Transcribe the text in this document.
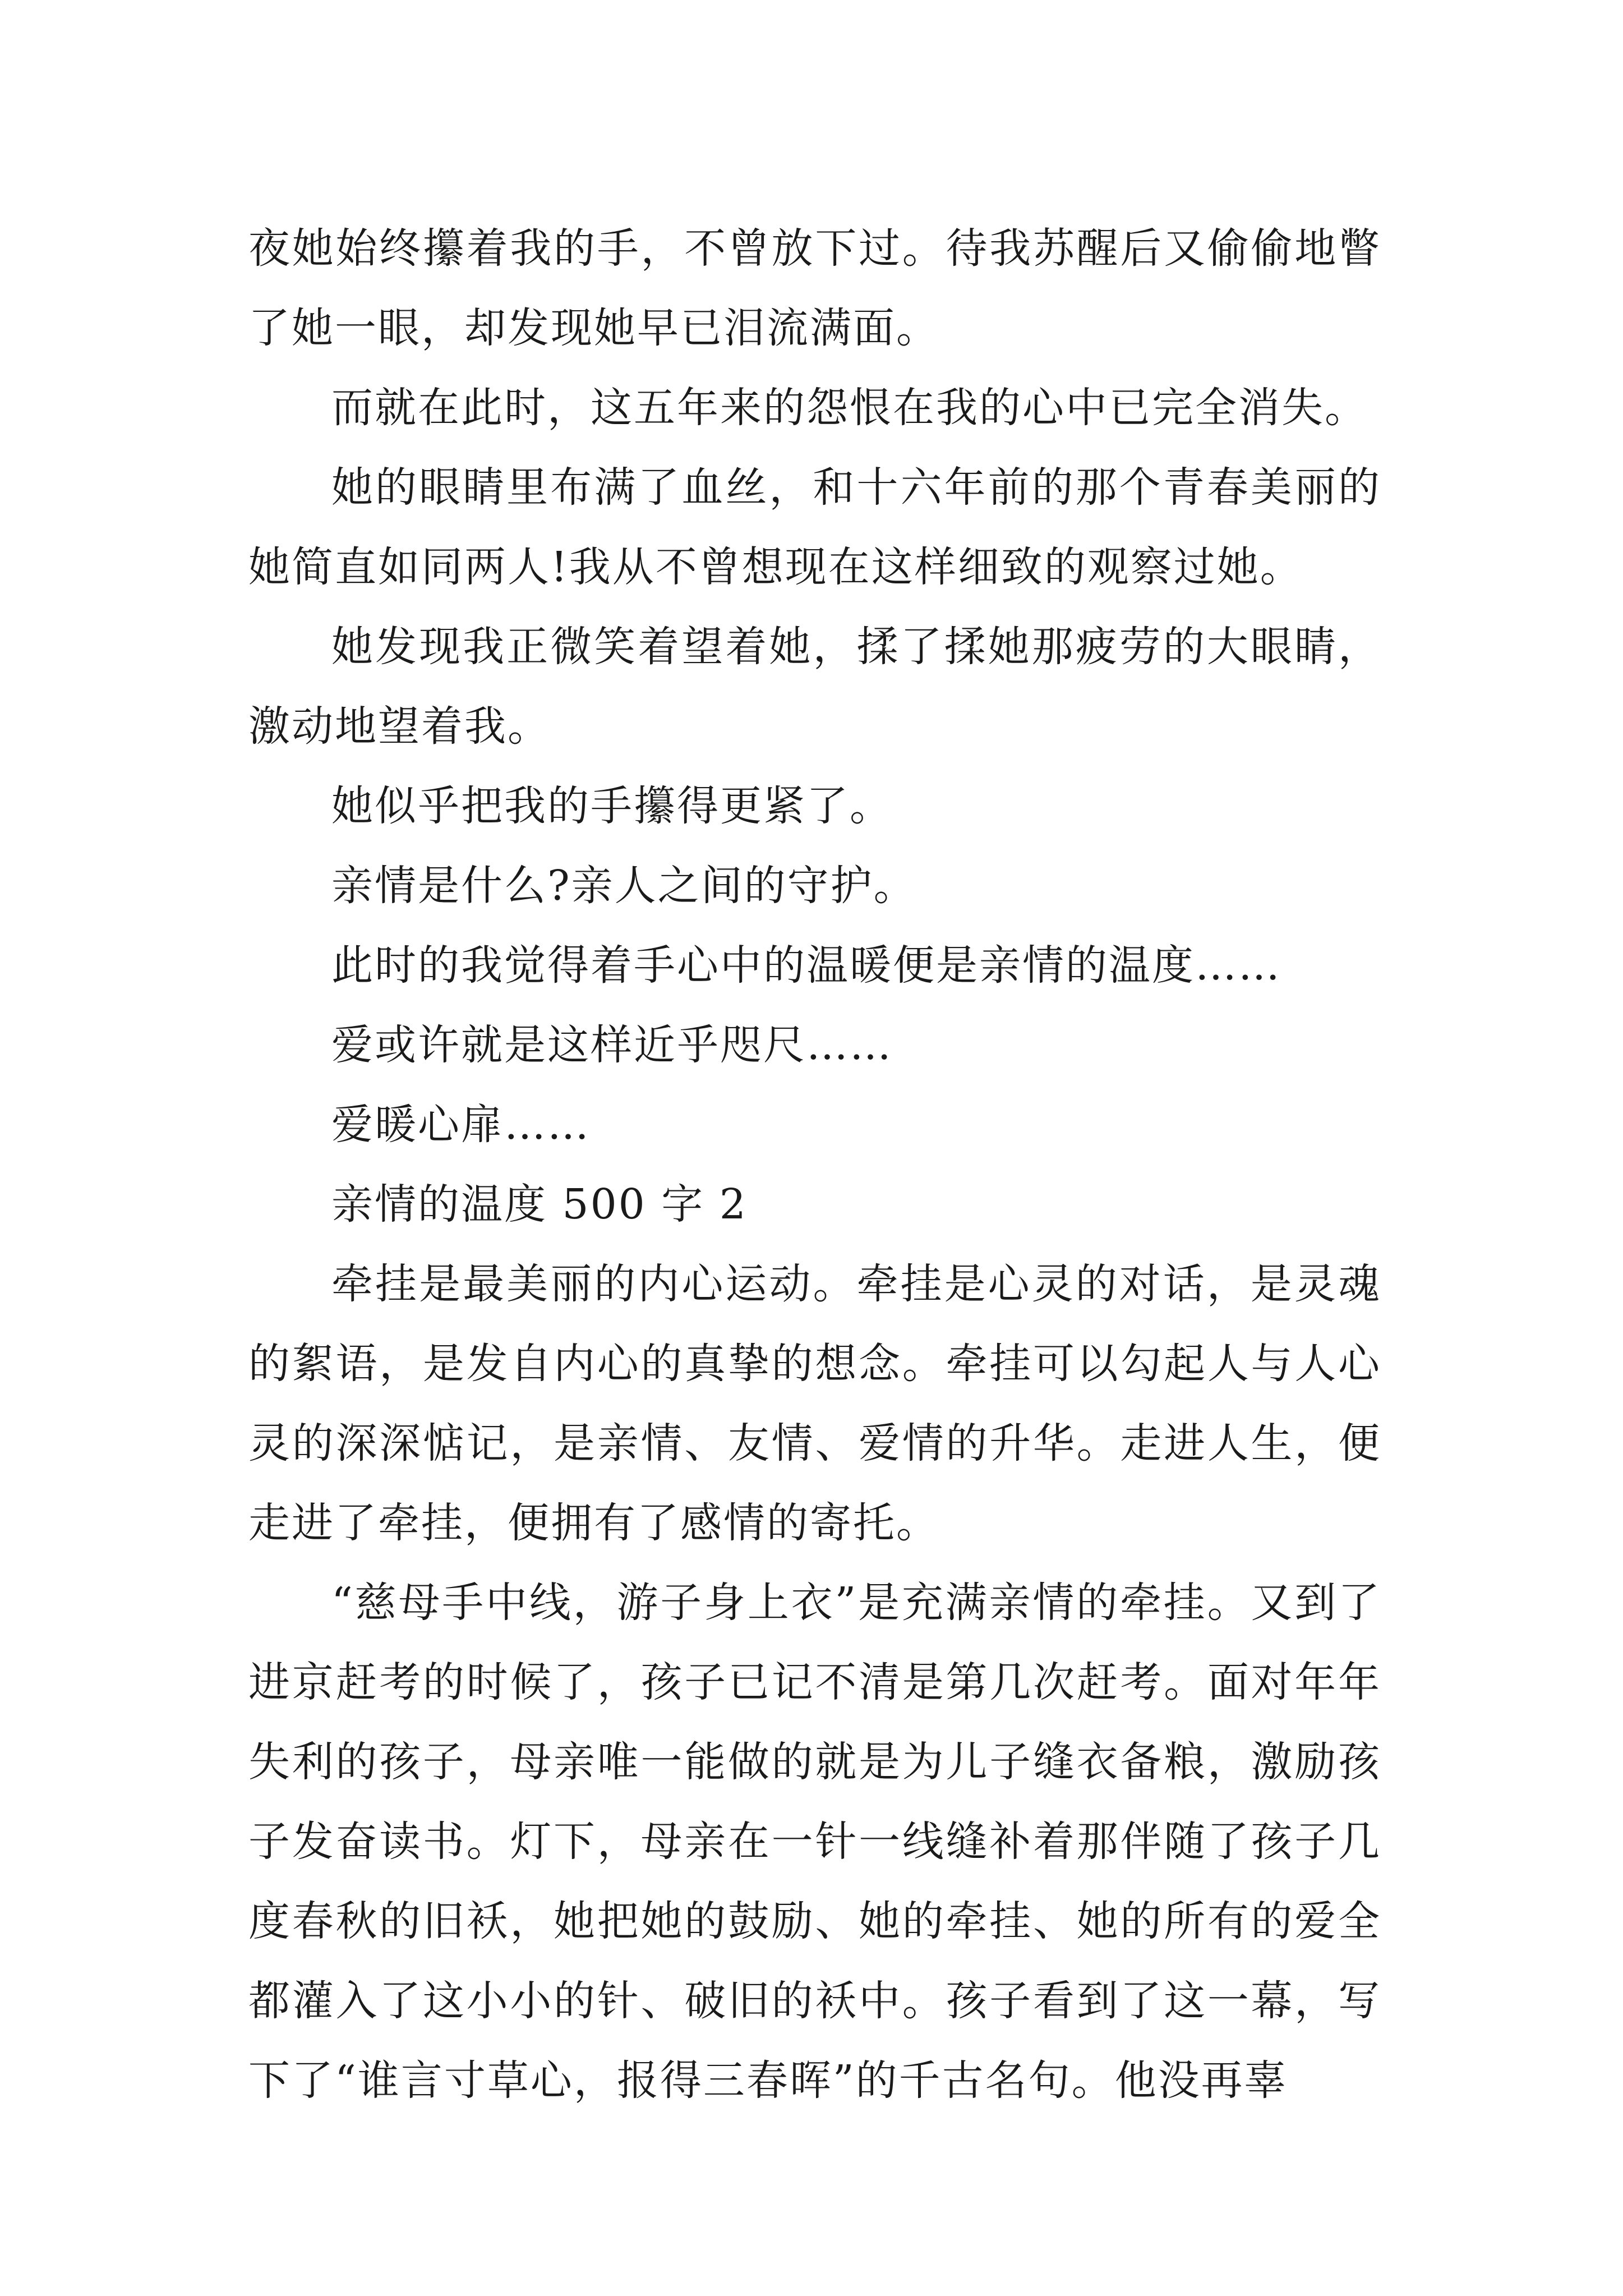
夜她始终攥着我的手，不曾放下过。待我苏醒后又偷偷地瞥了她一眼，却发现她早已泪流满面。

而就在此时，这五年来的怨恨在我的心中已完全消失。

她的眼睛里布满了血丝，和十六年前的那个青春美丽的她简直如同两人!我从不曾想现在这样细致的观察过她。

她发现我正微笑着望着她，揉了揉她那疲劳的大眼睛，激动地望着我。

她似乎把我的手攥得更紧了。

亲情是什么?亲人之间的守护。

此时的我觉得着手心中的温暖便是亲情的温度……

爱或许就是这样近乎咫尺……

爱暖心扉……

亲情的温度 500 字 2

牵挂是最美丽的内心运动。牵挂是心灵的对话，是灵魂的絮语，是发自内心的真挚的想念。牵挂可以勾起人与人心灵的深深惦记，是亲情、友情、爱情的升华。走进人生，便走进了牵挂，便拥有了感情的寄托。

“慈母手中线，游子身上衣”是充满亲情的牵挂。又到了进京赶考的时候了，孩子已记不清是第几次赶考。面对年年失利的孩子，母亲唯一能做的就是为儿子缝衣备粮，激励孩子发奋读书。灯下，母亲在一针一线缝补着那伴随了孩子几度春秋的旧袄，她把她的鼓励、她的牵挂、她的所有的爱全都灌入了这小小的针、破旧的袄中。孩子看到了这一幕，写下了“谁言寸草心，报得三春晖”的千古名句。他没再辜
